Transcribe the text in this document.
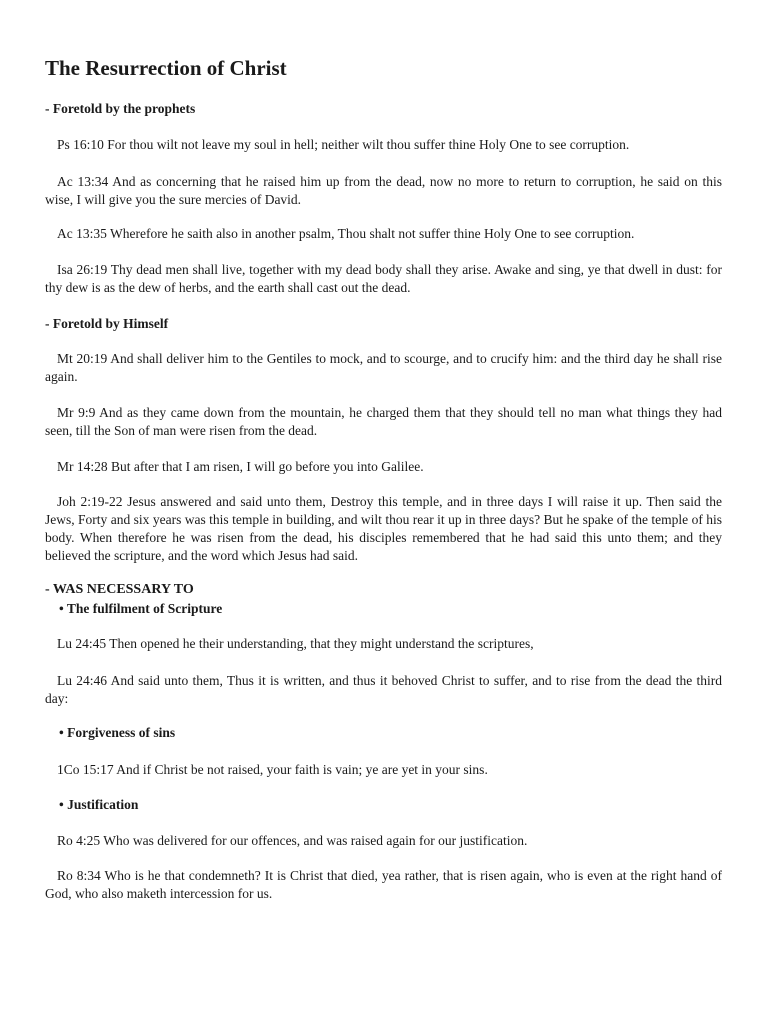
The Resurrection of Christ
- Foretold by the prophets

Ps 16:10 For thou wilt not leave my soul in hell; neither wilt thou suffer thine Holy One to see corruption.

Ac 13:34 And as concerning that he raised him up from the dead, now no more to return to corruption, he said on this wise, I will give you the sure mercies of David.

Ac 13:35 Wherefore he saith also in another psalm, Thou shalt not suffer thine Holy One to see corruption.

Isa 26:19 Thy dead men shall live, together with my dead body shall they arise. Awake and sing, ye that dwell in dust: for thy dew is as the dew of herbs, and the earth shall cast out the dead.

- Foretold by Himself

Mt 20:19 And shall deliver him to the Gentiles to mock, and to scourge, and to crucify him: and the third day he shall rise again.

Mr 9:9 And as they came down from the mountain, he charged them that they should tell no man what things they had seen, till the Son of man were risen from the dead.

Mr 14:28 But after that I am risen, I will go before you into Galilee.

Joh 2:19-22 Jesus answered and said unto them, Destroy this temple, and in three days I will raise it up. Then said the Jews, Forty and six years was this temple in building, and wilt thou rear it up in three days? But he spake of the temple of his body. When therefore he was risen from the dead, his disciples remembered that he had said this unto them; and they believed the scripture, and the word which Jesus had said.

- WAS NECESSARY TO
• The fulfilment of Scripture

Lu 24:45 Then opened he their understanding, that they might understand the scriptures,

Lu 24:46 And said unto them, Thus it is written, and thus it behoved Christ to suffer, and to rise from the dead the third day:

• Forgiveness of sins

1Co 15:17 And if Christ be not raised, your faith is vain; ye are yet in your sins.

• Justification

Ro 4:25 Who was delivered for our offences, and was raised again for our justification.

Ro 8:34 Who is he that condemneth? It is Christ that died, yea rather, that is risen again, who is even at the right hand of God, who also maketh intercession for us.
